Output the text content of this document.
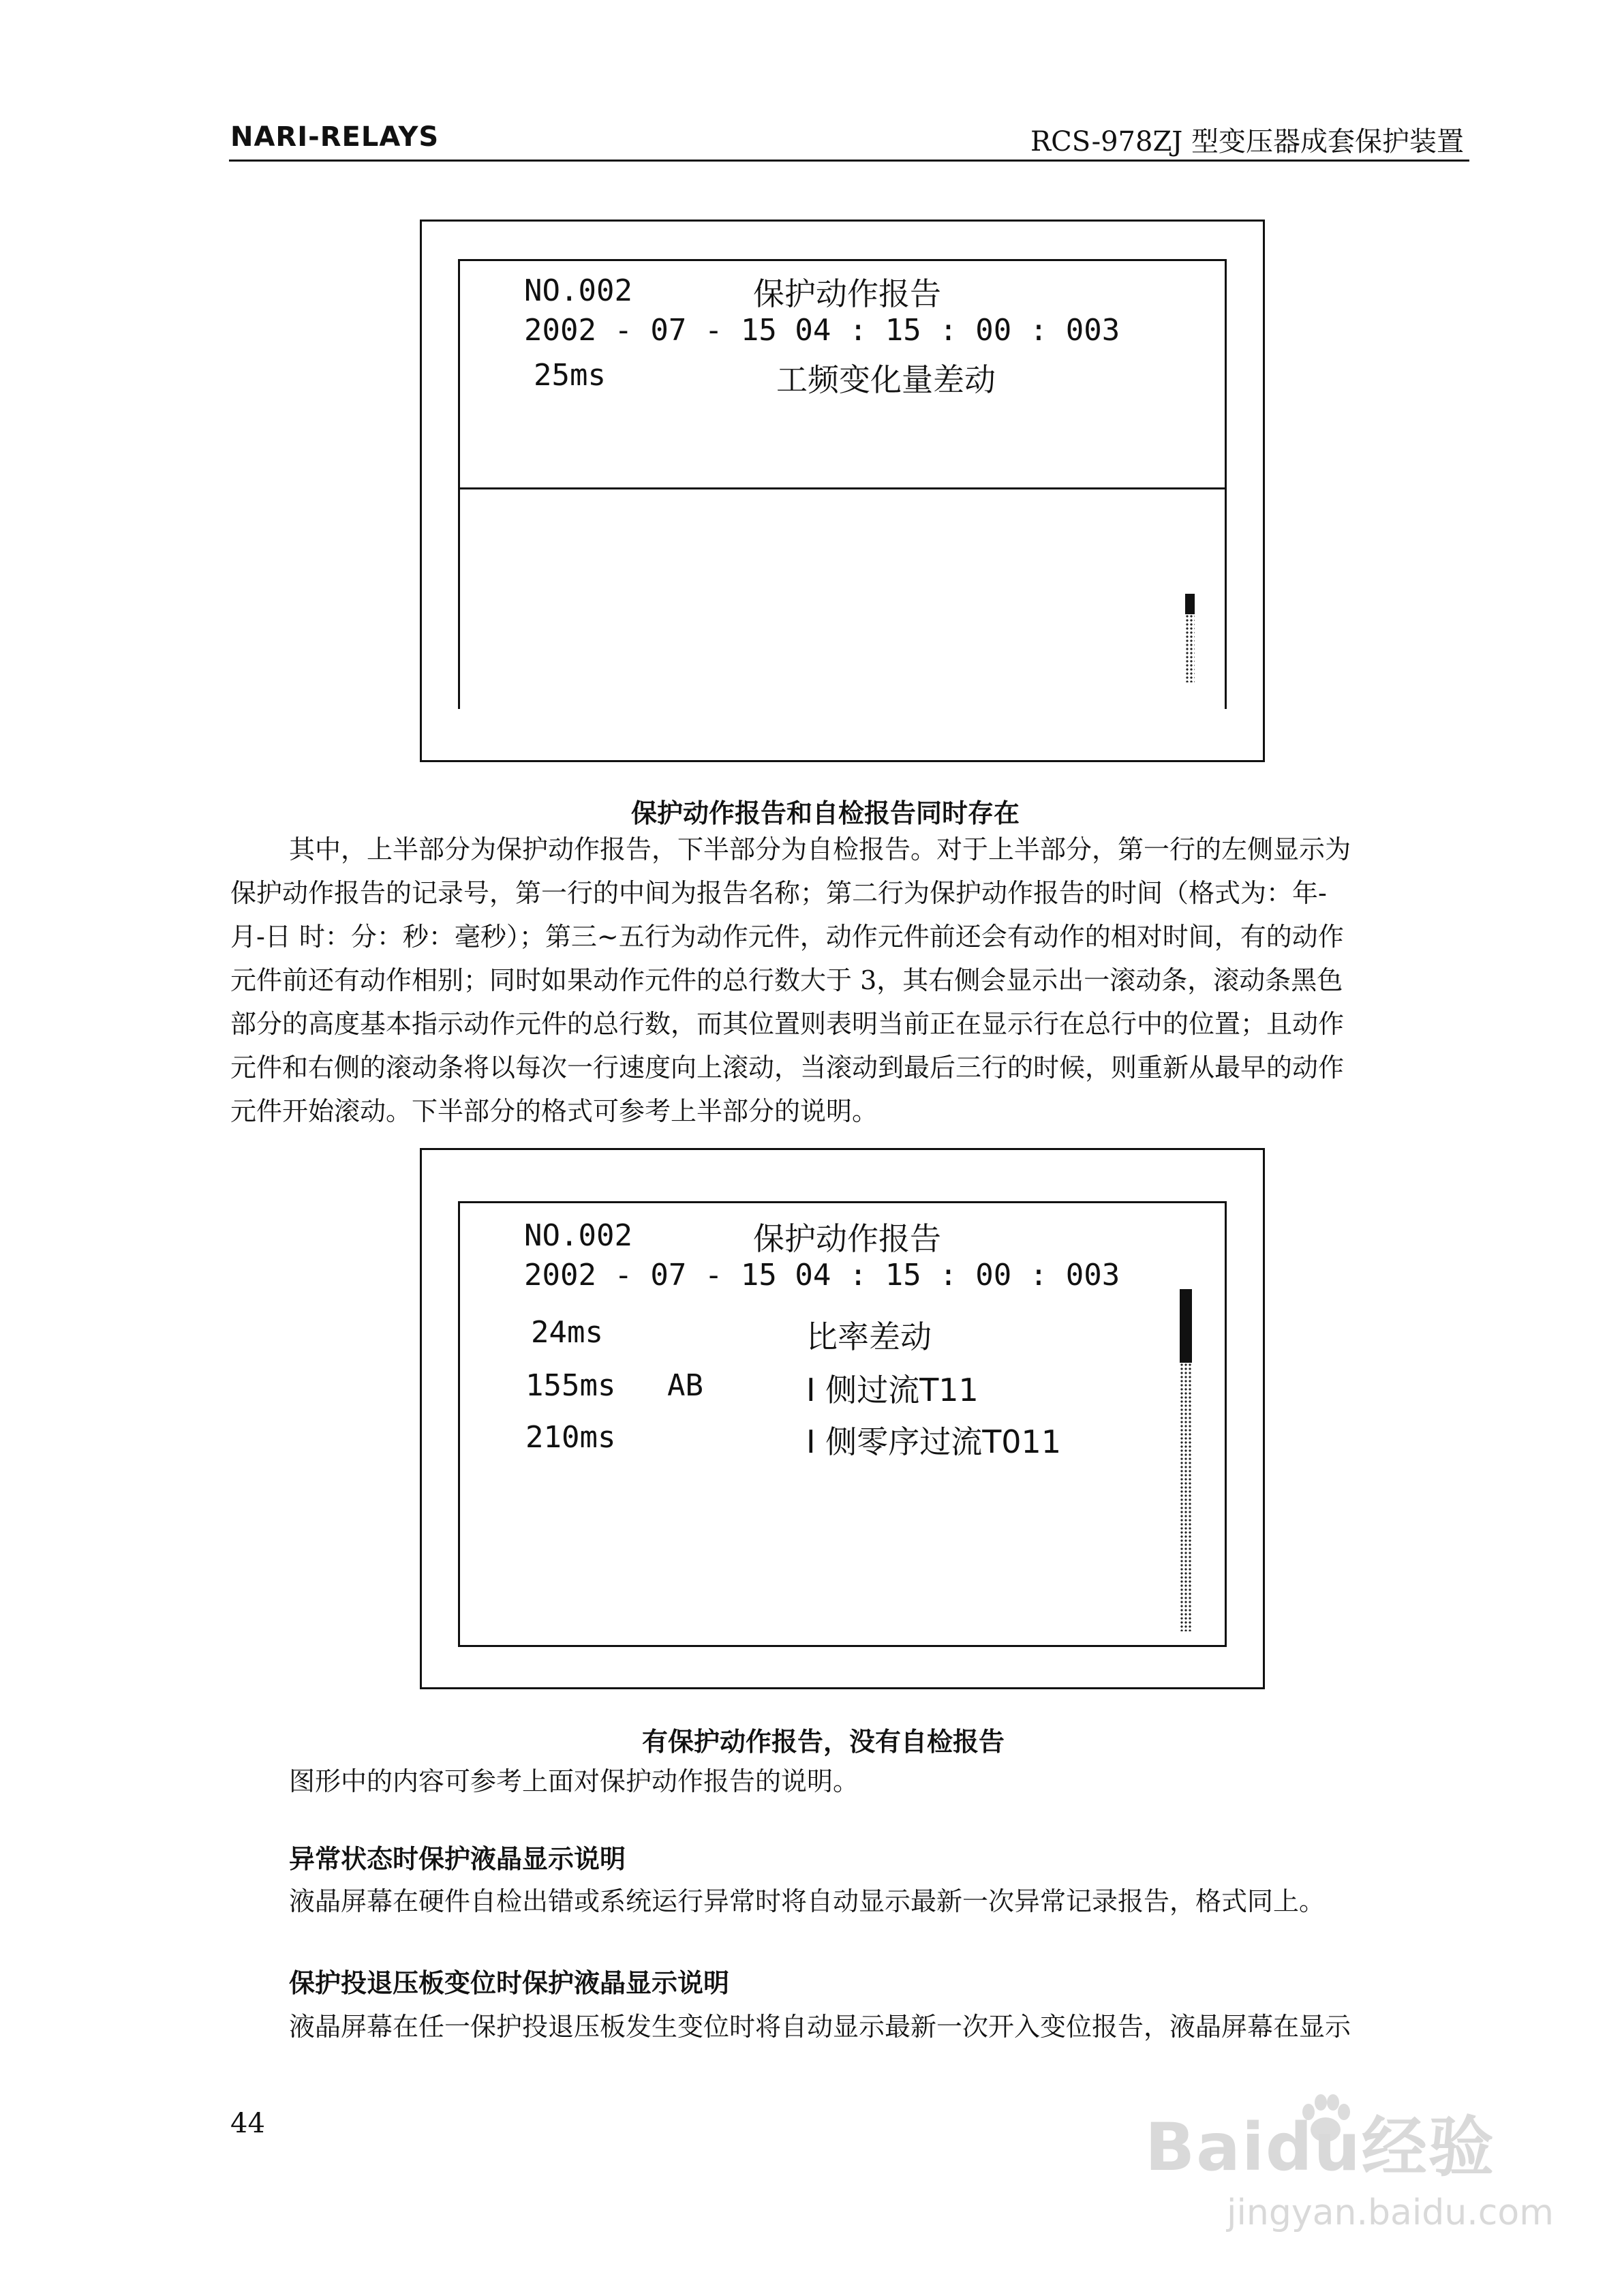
NARI-RELAYS	RCS-978ZJ 型变压器成套保护装置
NO.002	保护动作报告
2002 - 07 - 15 04 : 15 : 00 : 003
25ms	工频变化量差动
保护动作报告和自检报告同时存在
其中，上半部分为保护动作报告，下半部分为自检报告。对于上半部分，第一行的左侧显示为
保护动作报告的记录号，第一行的中间为报告名称；第二行为保护动作报告的时间（格式为：年-
月-日 时：分：秒：毫秒）；第三~五行为动作元件，动作元件前还会有动作的相对时间，有的动作
元件前还有动作相别；同时如果动作元件的总行数大于 3，其右侧会显示出一滚动条，滚动条黑色
部分的高度基本指示动作元件的总行数，而其位置则表明当前正在显示行在总行中的位置；且动作
元件和右侧的滚动条将以每次一行速度向上滚动，当滚动到最后三行的时候，则重新从最早的动作
元件开始滚动。下半部分的格式可参考上半部分的说明。
NO.002	保护动作报告
2002 - 07 - 15 04 : 15 : 00 : 003
24ms	比率差动
155ms AB	I 侧过流T11
210ms	I 侧零序过流T011
有保护动作报告，没有自检报告
图形中的内容可参考上面对保护动作报告的说明。
异常状态时保护液晶显示说明
液晶屏幕在硬件自检出错或系统运行异常时将自动显示最新一次异常记录报告，格式同上。
保护投退压板变位时保护液晶显示说明
液晶屏幕在任一保护投退压板发生变位时将自动显示最新一次开入变位报告，液晶屏幕在显示
44	Baidu经验
jingyan.baidu.com
